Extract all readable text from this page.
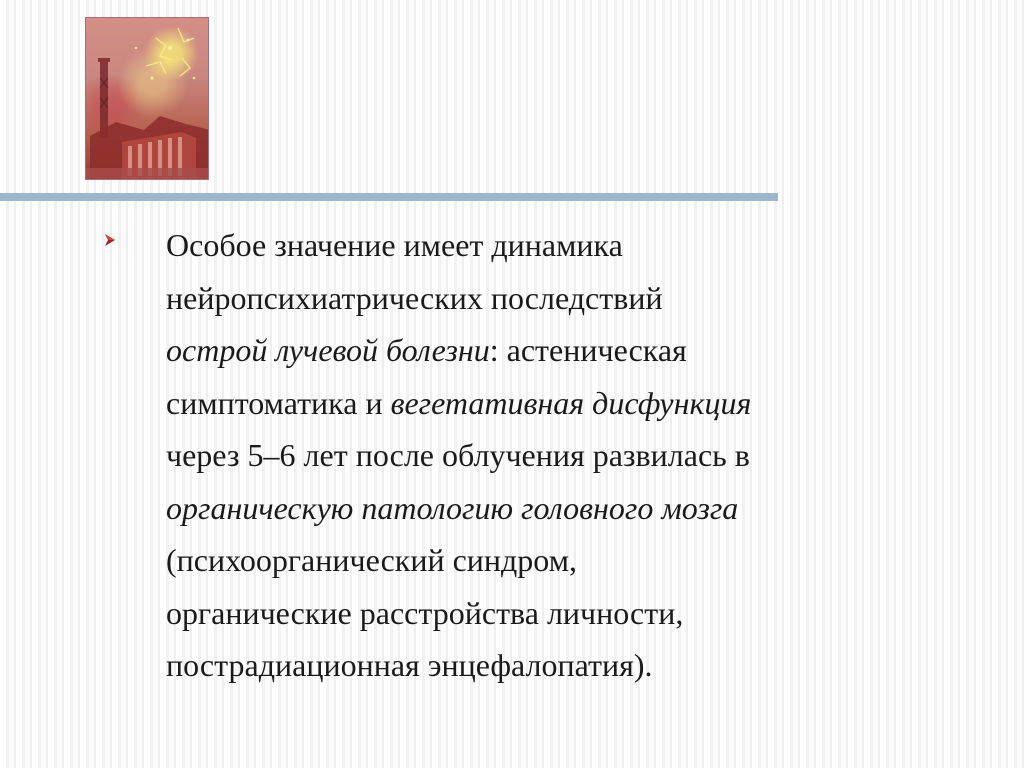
Особое значение имеет динамика
нейропсихиатрических последствий
острой лучевой болезни: астеническая
симптоматика и вегетативная дисфункция
через 5–6 лет после облучения развилась в
органическую патологию головного мозга
(психоорганический синдром,
органические расстройства личности,
пострадиационная энцефалопатия).
